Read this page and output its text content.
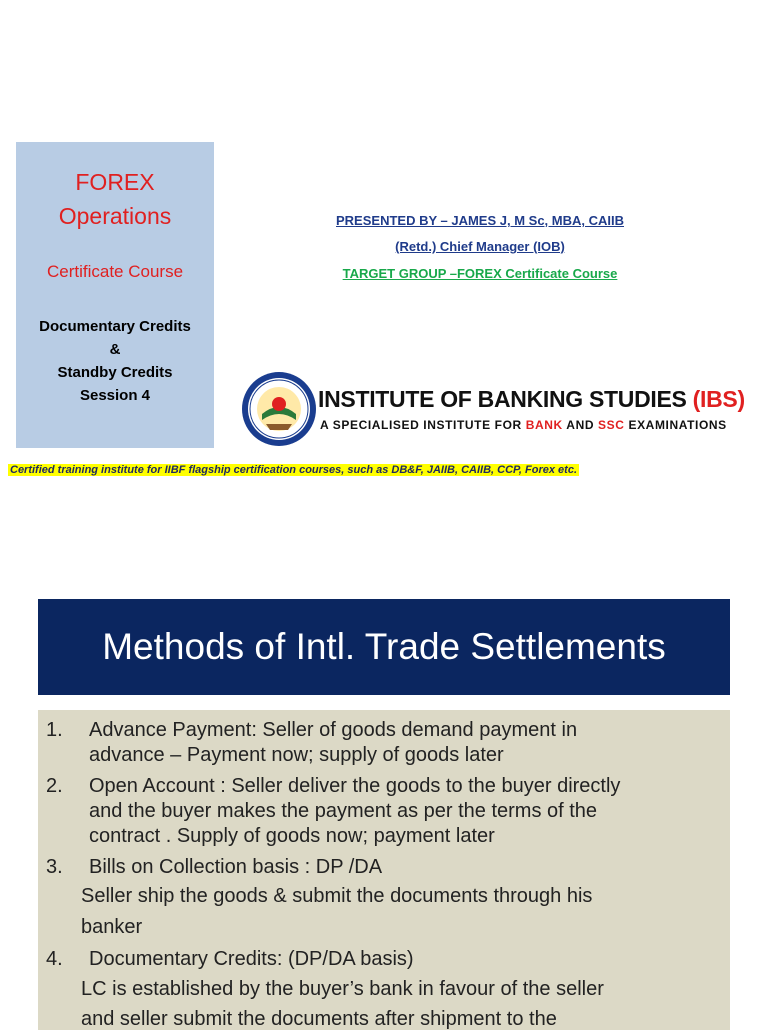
FOREX
Operations
Certificate Course
Documentary Credits
&
Standby Credits
Session 4
PRESENTED BY – JAMES J, M Sc, MBA, CAIIB
(Retd.) Chief Manager (IOB)
TARGET GROUP –FOREX Certificate Course
INSTITUTE OF BANKING STUDIES (IBS)
A SPECIALISED INSTITUTE FOR BANK AND SSC EXAMINATIONS
Certified training institute for IIBF flagship certification courses, such as DB&F, JAIIB, CAIIB, CCP, Forex etc.
Methods of Intl. Trade Settlements
1. Advance Payment: Seller of goods demand payment in
advance – Payment now; supply of goods later
2. Open Account : Seller deliver the goods to the buyer directly
and the buyer makes the payment as per the terms of the
contract . Supply of goods now; payment later
3. Bills on Collection basis : DP /DA
Seller ship the goods & submit the documents through his
banker
4. Documentary Credits: (DP/DA basis)
LC is established by the buyer’s bank in favour of the seller
and seller submit the documents after shipment to the
